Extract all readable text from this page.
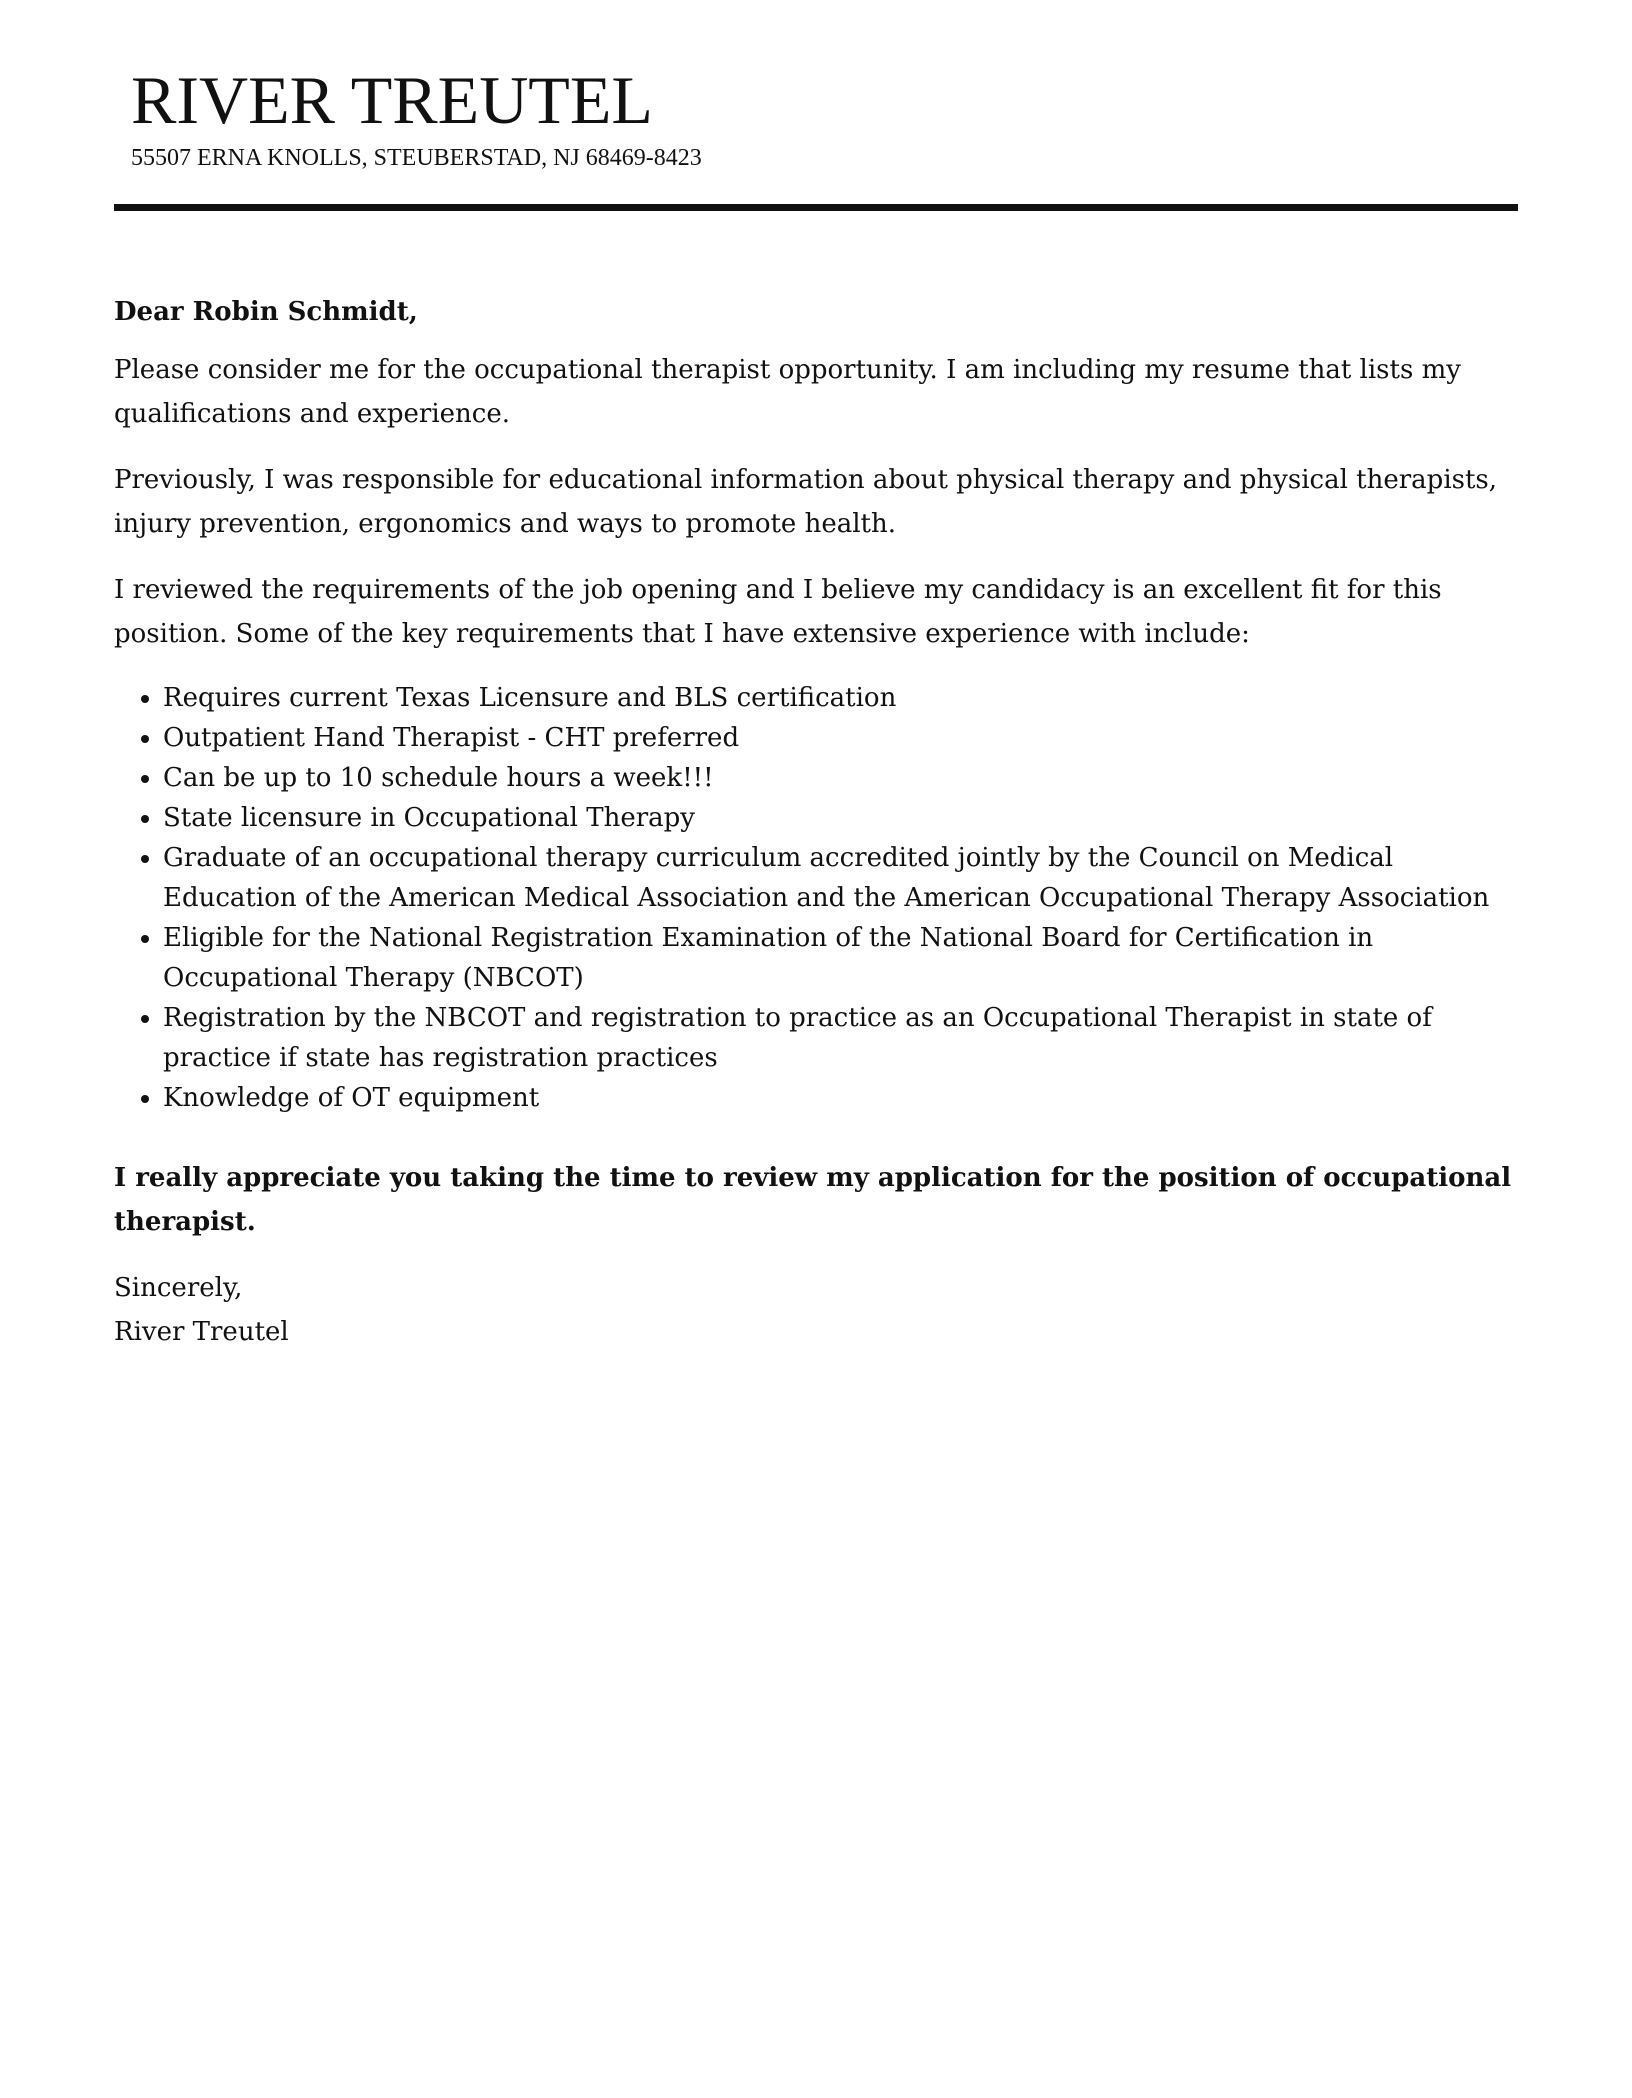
RIVER TREUTEL
55507 ERNA KNOLLS, STEUBERSTAD, NJ 68469-8423

Dear Robin Schmidt,

Please consider me for the occupational therapist opportunity. I am including my resume that lists my qualifications and experience.

Previously, I was responsible for educational information about physical therapy and physical therapists, injury prevention, ergonomics and ways to promote health.

I reviewed the requirements of the job opening and I believe my candidacy is an excellent fit for this position. Some of the key requirements that I have extensive experience with include:

• Requires current Texas Licensure and BLS certification
• Outpatient Hand Therapist - CHT preferred
• Can be up to 10 schedule hours a week!!!
• State licensure in Occupational Therapy
• Graduate of an occupational therapy curriculum accredited jointly by the Council on Medical Education of the American Medical Association and the American Occupational Therapy Association
• Eligible for the National Registration Examination of the National Board for Certification in Occupational Therapy (NBCOT)
• Registration by the NBCOT and registration to practice as an Occupational Therapist in state of practice if state has registration practices
• Knowledge of OT equipment

I really appreciate you taking the time to review my application for the position of occupational therapist.

Sincerely,
River Treutel
